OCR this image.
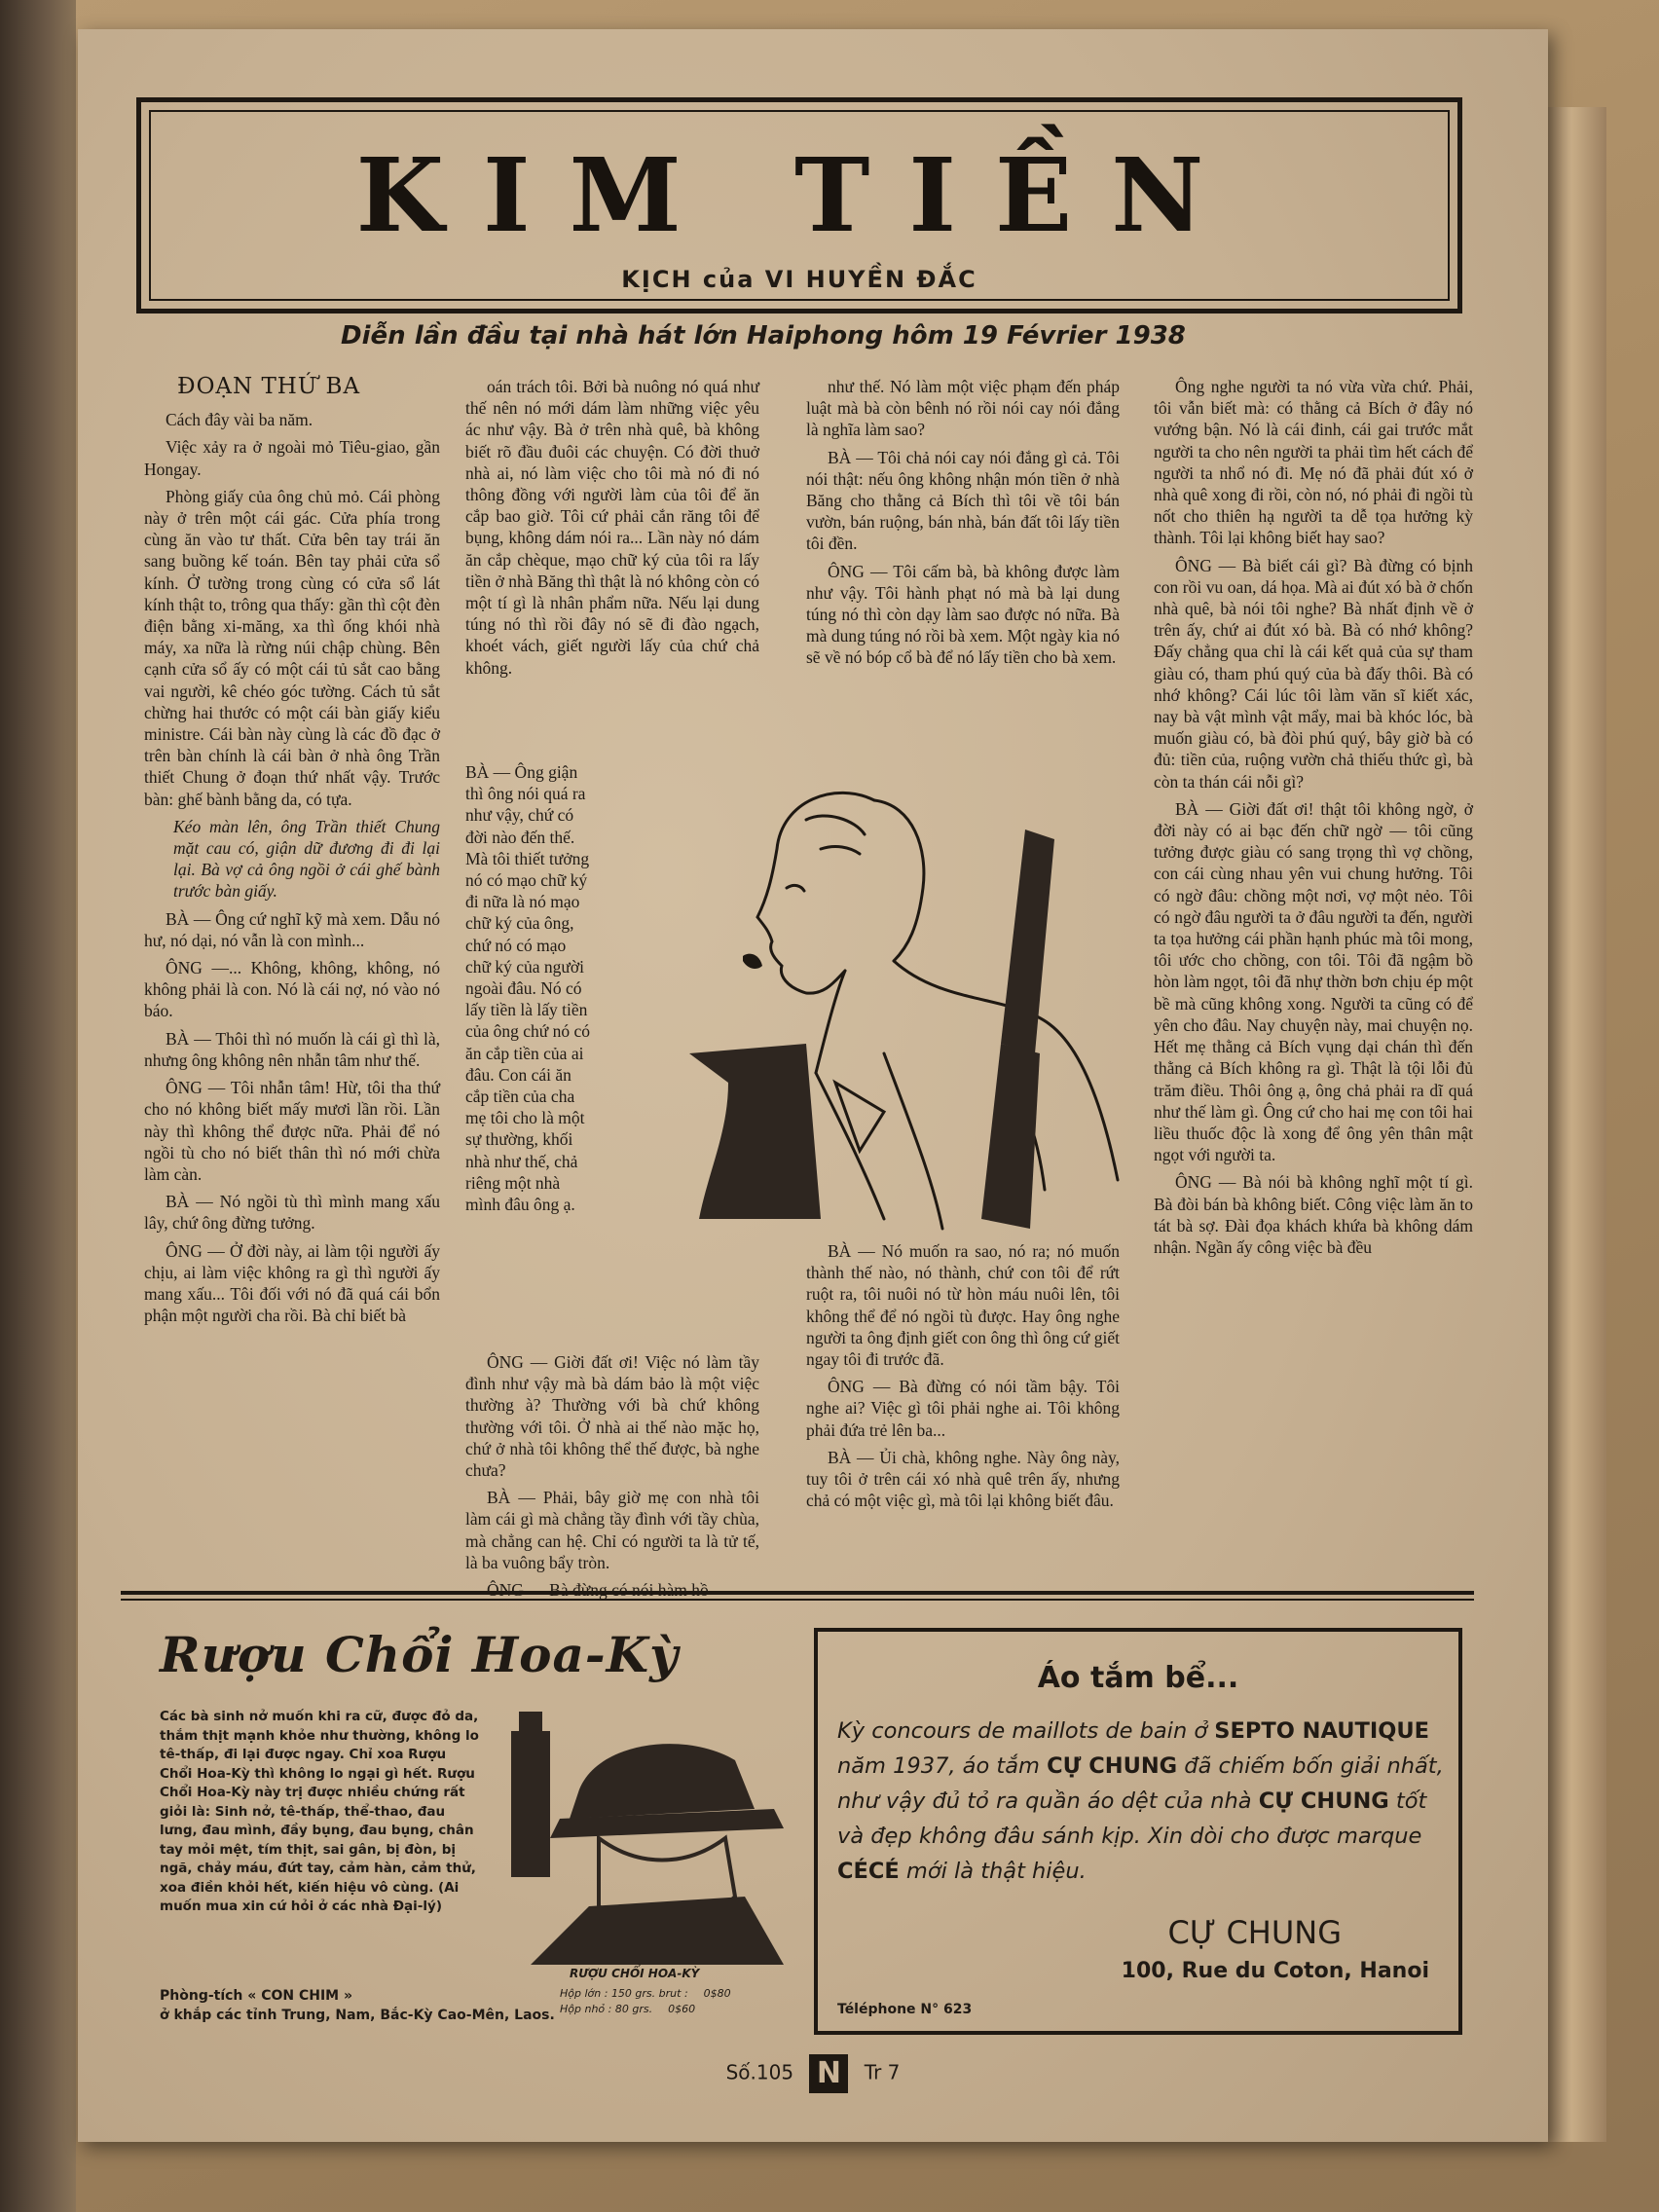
KIM TIỀN
KỊCH của VI HUYỀN ĐẮC
Diễn lần đầu tại nhà hát lớn Haiphong hôm 19 Février 1938
ĐOẠN THỨ BA

Cách đây vài ba năm.

Việc xảy ra ở ngoài mỏ Tiêu-giao, gần Hongay.

Phòng giấy của ông chủ mỏ. Cái phòng này ở trên một cái gác. Cửa phía trong cùng ăn vào tư thất. Cửa bên tay trái ăn sang buồng kế toán. Bên tay phải cửa sổ kính. Ở tường trong cùng có cửa sổ lát kính thật to, trông qua thấy: gần thì cột đèn điện bằng xi-măng, xa thì ống khói nhà máy, xa nữa là rừng núi chập chùng. Bên cạnh cửa sổ ấy có một cái tủ sắt cao bằng vai người, kê chéo góc tường. Cách tủ sắt chừng hai thước có một cái bàn giấy kiểu ministre. Cái bàn này cùng là các đồ đạc ở trên bàn chính là cái bàn ở nhà ông Trần thiết Chung ở đoạn thứ nhất vậy. Trước bàn: ghế bành bằng da, có tựa.

Kéo màn lên, ông Trần thiết Chung mặt cau có, giận dữ đương đi đi lại lại. Bà vợ cả ông ngồi ở cái ghế bành trước bàn giấy.

BÀ — Ông cứ nghĩ kỹ mà xem. Dẫu nó hư, nó dại, nó vẫn là con mình...

ÔNG —... Không, không, không, nó không phải là con. Nó là cái nợ, nó vào nó báo.

BÀ — Thôi thì nó muốn là cái gì thì là, nhưng ông không nên nhẫn tâm như thế.

ÔNG — Tôi nhẫn tâm! Hừ, tôi tha thứ cho nó không biết mấy mươi lần rồi. Lần này thì không thể được nữa. Phải để nó ngồi tù cho nó biết thân thì nó mới chừa làm càn.

BÀ — Nó ngồi tù thì mình mang xấu lây, chứ ông đừng tưởng.

ÔNG — Ở đời này, ai làm tội người ấy chịu, ai làm việc không ra gì thì người ấy mang xấu... Tôi đối với nó đã quá cái bổn phận một người cha rồi. Bà chỉ biết bà

oán trách tôi. Bởi bà nuông nó quá như thế nên nó mới dám làm những việc yêu ác như vậy. Bà ở trên nhà quê, bà không biết rõ đầu đuôi các chuyện. Có đời thuở nhà ai, nó làm việc cho tôi mà nó đi nó thông đồng với người làm của tôi để ăn cắp bao giờ. Tôi cứ phải cắn răng tôi để bụng, không dám nói ra... Lần này nó dám ăn cắp chèque, mạo chữ ký của tôi ra lấy tiền ở nhà Băng thì thật là nó không còn có một tí gì là nhân phẩm nữa. Nếu lại dung túng nó thì rồi đây nó sẽ đi đào ngạch, khoét vách, giết người lấy của chứ chả không.

BÀ — Ông giận thì ông nói quá ra như vậy, chứ có đời nào đến thế. Mà tôi thiết tưởng nó có mạo chữ ký đi nữa là nó mạo chữ ký của ông, chứ nó có mạo chữ ký của người ngoài đâu. Nó có lấy tiền là lấy tiền của ông chứ nó có ăn cắp tiền của ai đâu. Con cái ăn cắp tiền của cha mẹ tôi cho là một sự thường, khối nhà như thế, chả riêng một nhà mình đâu ông ạ.

ÔNG — Giời đất ơi! Việc nó làm tầy đình như vậy mà bà dám bảo là một việc thường à? Thường với bà chứ không thường với tôi. Ở nhà ai thế nào mặc họ, chứ ở nhà tôi không thể thế được, bà nghe chưa?

BÀ — Phải, bây giờ mẹ con nhà tôi làm cái gì mà chẳng tầy đình với tầy chùa, mà chẳng can hệ. Chỉ có người ta là tử tế, là ba vuông bẩy tròn.

như thế. Nó làm một việc phạm đến pháp luật mà bà còn bênh nó rồi nói cay nói đắng là nghĩa làm sao?

BÀ — Tôi chả nói cay nói đắng gì cả. Tôi nói thật: nếu ông không nhận món tiền ở nhà Băng cho thằng cả Bích thì tôi về tôi bán vườn, bán ruộng, bán nhà, bán đất tôi lấy tiền tôi đền.

ÔNG — Tôi cấm bà, bà không được làm như vậy. Tôi hành phạt nó mà bà lại dung túng nó thì còn dạy làm sao được nó nữa. Bà mà dung túng nó rồi bà xem. Một ngày kia nó sẽ về nó bóp cổ bà để nó lấy tiền cho bà xem.

BÀ — Nó muốn ra sao, nó ra; nó muốn thành thế nào, nó thành, chứ con tôi để rứt ruột ra, tôi nuôi nó từ hòn máu nuôi lên, tôi không thể để nó ngồi tù được. Hay ông nghe người ta ông định giết con ông thì ông cứ giết ngay tôi đi trước đã.

ÔNG — Bà đừng có nói tầm bậy. Tôi nghe ai? Việc gì tôi phải nghe ai. Tôi không phải đứa trẻ lên ba...

BÀ — Ủi chà, không nghe. Này ông này, tuy tôi ở trên cái xó nhà quê trên ấy, nhưng chả có một việc gì, mà tôi lại không biết đâu.

Ông nghe người ta nó vừa vừa chứ. Phải, tôi vẫn biết mà: có thằng cả Bích ở đây nó vướng bận. Nó là cái đinh, cái gai trước mắt người ta cho nên người ta phải tìm hết cách để người ta nhổ nó đi. Mẹ nó đã phải đút xó ở nhà quê xong đi rồi, còn nó, nó phải đi ngồi tù nốt cho thiên hạ người ta dễ tọa hưởng kỳ thành. Tôi lại không biết hay sao?

ÔNG — Bà biết cái gì? Bà đừng có bịnh con rồi vu oan, dá họa. Mà ai đút xó bà ở chốn nhà quê, bà nói tôi nghe? Bà nhất định về ở trên ấy, chứ ai đút xó bà. Bà có nhớ không? Đấy chẳng qua chỉ là cái kết quả của sự tham giàu có, tham phú quý của bà đấy thôi. Bà có nhớ không? Cái lúc tôi làm văn sĩ kiết xác, nay bà vật mình vật mẩy, mai bà khóc lóc, bà muốn giàu có, bà đòi phú quý, bây giờ bà có đủ: tiền của, ruộng vườn chả thiếu thức gì, bà còn ta thán cái nỗi gì?

BÀ — Giời đất ơi! thật tôi không ngờ, ở đời này có ai bạc đến chữ ngờ — tôi cũng tưởng được giàu có sang trọng thì vợ chồng, con cái cùng nhau yên vui chung hưởng. Tôi có ngờ đâu: chồng một nơi, vợ một nẻo. Tôi có ngờ đâu người ta ở đâu người ta đến, người ta tọa hưởng cái phần hạnh phúc mà tôi mong, tôi ước cho chồng, con tôi. Tôi đã ngậm bồ hòn làm ngọt, tôi đã nhự thờn bơn chịu ép một bề mà cũng không xong. Người ta cũng có để yên cho đâu. Nay chuyện này, mai chuyện nọ. Hết mẹ thằng cả Bích vụng dại chán thì đến thằng cả Bích không ra gì. Thật là tội lỗi đủ trăm điều. Thôi ông ạ, ông chả phải ra dĩ quá như thế làm gì. Ông cứ cho hai mẹ con tôi hai liều thuốc độc là xong để ông yên thân mật ngọt với người ta.

ÔNG — Bà nói bà không nghĩ một tí gì. Bà đòi bán bà không biết. Công việc làm ăn to tát bà sợ. Đài đọa khách khứa bà không dám nhận. Ngần ấy công việc bà đều

Rượu Chổi Hoa-Kỳ
Các bà sinh nở muốn khi ra cữ, được đỏ da, thắm thịt mạnh khỏe như thường, không lo tê-thấp, đi lại được ngay. Chỉ xoa Rượu Chổi Hoa-Kỳ thì không lo ngại gì hết. Rượu Chổi Hoa-Kỳ này trị được nhiều chứng rất giỏi là: Sinh nở, tê-thấp, thể-thao, đau lưng, đau mình, đầy bụng, đau bụng, chân tay mỏi mệt, tím thịt, sai gân, bị đòn, bị ngã, chảy máu, đứt tay, cảm hàn, cảm thử, xoa điền khỏi hết, kiến hiệu vô cùng. (Ai muốn mua xin cứ hỏi ở các nhà Đại-lý)
RƯỢU CHỔI HOA-KỲ
Hộp lớn : 150 grs. brut : 0$80
Hộp nhỏ : 80 grs. 0$60
Phòng-tích « CON CHIM »
ở khắp các tỉnh Trung, Nam, Bắc-Kỳ Cao-Mên, Laos.
Áo tắm bể...
Kỳ concours de maillots de bain ở SEPTO NAUTIQUE năm 1937, áo tắm CỰ CHUNG đã chiếm bốn giải nhất, như vậy đủ tỏ ra quần áo dệt của nhà CỰ CHUNG tốt và đẹp không đâu sánh kịp. Xin dòi cho được marque CÉCÉ mới là thật hiệu.
CỰ CHUNG
100, Rue du Coton, Hanoi
Téléphone N° 623
Số.105 N Tr 7
